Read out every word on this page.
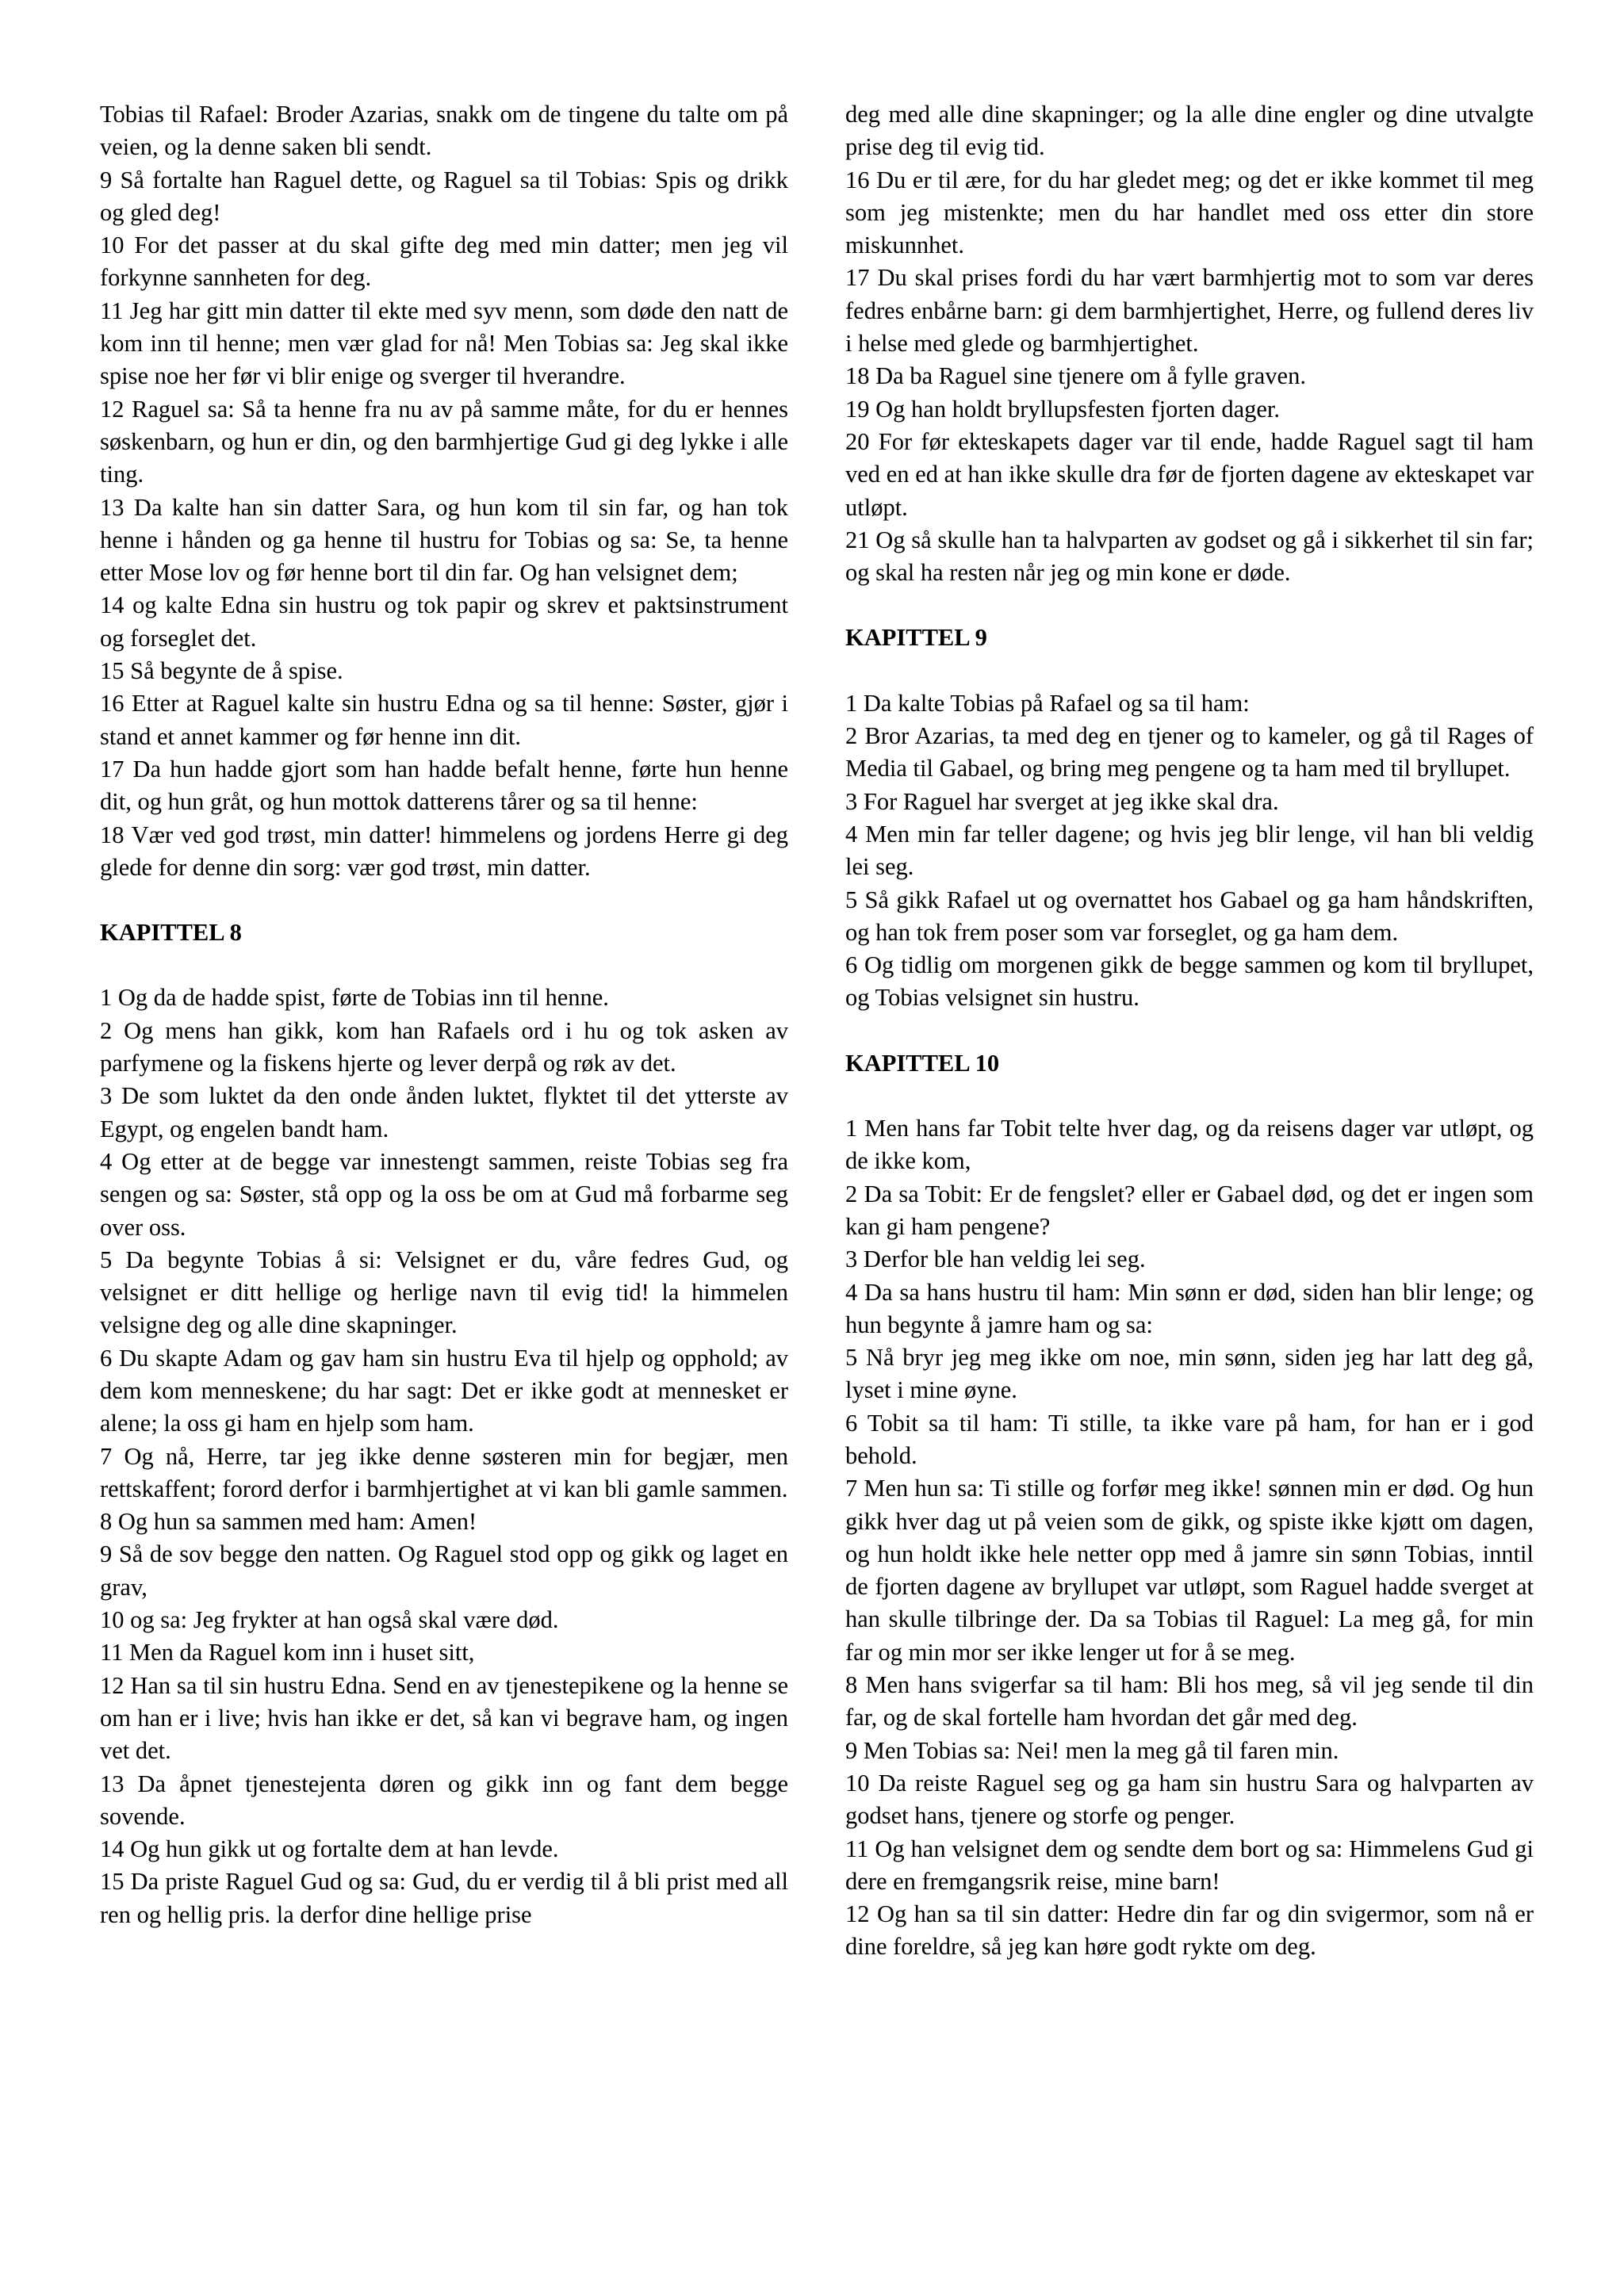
Tobias til Rafael: Broder Azarias, snakk om de tingene du talte om på veien, og la denne saken bli sendt.

9 Så fortalte han Raguel dette, og Raguel sa til Tobias: Spis og drikk og gled deg!

10 For det passer at du skal gifte deg med min datter; men jeg vil forkynne sannheten for deg.

11 Jeg har gitt min datter til ekte med syv menn, som døde den natt de kom inn til henne; men vær glad for nå! Men Tobias sa: Jeg skal ikke spise noe her før vi blir enige og sverger til hverandre.

12 Raguel sa: Så ta henne fra nu av på samme måte, for du er hennes søskenbarn, og hun er din, og den barmhjertige Gud gi deg lykke i alle ting.

13 Da kalte han sin datter Sara, og hun kom til sin far, og han tok henne i hånden og ga henne til hustru for Tobias og sa: Se, ta henne etter Mose lov og før henne bort til din far. Og han velsignet dem;

14 og kalte Edna sin hustru og tok papir og skrev et paktsinstrument og forseglet det.

15 Så begynte de å spise.

16 Etter at Raguel kalte sin hustru Edna og sa til henne: Søster, gjør i stand et annet kammer og før henne inn dit.

17 Da hun hadde gjort som han hadde befalt henne, førte hun henne dit, og hun gråt, og hun mottok datterens tårer og sa til henne:

18 Vær ved god trøst, min datter! himmelens og jordens Herre gi deg glede for denne din sorg: vær god trøst, min datter.

KAPITTEL 8

1 Og da de hadde spist, førte de Tobias inn til henne.

2 Og mens han gikk, kom han Rafaels ord i hu og tok asken av parfymene og la fiskens hjerte og lever derpå og røk av det.

3 De som luktet da den onde ånden luktet, flyktet til det ytterste av Egypt, og engelen bandt ham.

4 Og etter at de begge var innestengt sammen, reiste Tobias seg fra sengen og sa: Søster, stå opp og la oss be om at Gud må forbarme seg over oss.

5 Da begynte Tobias å si: Velsignet er du, våre fedres Gud, og velsignet er ditt hellige og herlige navn til evig tid! la himmelen velsigne deg og alle dine skapninger.

6 Du skapte Adam og gav ham sin hustru Eva til hjelp og opphold; av dem kom menneskene; du har sagt: Det er ikke godt at mennesket er alene; la oss gi ham en hjelp som ham.

7 Og nå, Herre, tar jeg ikke denne søsteren min for begjær, men rettskaffent; forord derfor i barmhjertighet at vi kan bli gamle sammen.

8 Og hun sa sammen med ham: Amen!

9 Så de sov begge den natten. Og Raguel stod opp og gikk og laget en grav,

10 og sa: Jeg frykter at han også skal være død.

11 Men da Raguel kom inn i huset sitt,

12 Han sa til sin hustru Edna. Send en av tjenestepikene og la henne se om han er i live; hvis han ikke er det, så kan vi begrave ham, og ingen vet det.

13 Da åpnet tjenestejenta døren og gikk inn og fant dem begge sovende.

14 Og hun gikk ut og fortalte dem at han levde.

15 Da priste Raguel Gud og sa: Gud, du er verdig til å bli prist med all ren og hellig pris. la derfor dine hellige prise

deg med alle dine skapninger; og la alle dine engler og dine utvalgte prise deg til evig tid.

16 Du er til ære, for du har gledet meg; og det er ikke kommet til meg som jeg mistenkte; men du har handlet med oss etter din store miskunnhet.

17 Du skal prises fordi du har vært barmhjertig mot to som var deres fedres enbårne barn: gi dem barmhjertighet, Herre, og fullend deres liv i helse med glede og barmhjertighet.

18 Da ba Raguel sine tjenere om å fylle graven.

19 Og han holdt bryllupsfesten fjorten dager.

20 For før ekteskapets dager var til ende, hadde Raguel sagt til ham ved en ed at han ikke skulle dra før de fjorten dagene av ekteskapet var utløpt.

21 Og så skulle han ta halvparten av godset og gå i sikkerhet til sin far; og skal ha resten når jeg og min kone er døde.

KAPITTEL 9

1 Da kalte Tobias på Rafael og sa til ham:

2 Bror Azarias, ta med deg en tjener og to kameler, og gå til Rages of Media til Gabael, og bring meg pengene og ta ham med til bryllupet.

3 For Raguel har sverget at jeg ikke skal dra.

4 Men min far teller dagene; og hvis jeg blir lenge, vil han bli veldig lei seg.

5 Så gikk Rafael ut og overnattet hos Gabael og ga ham håndskriften, og han tok frem poser som var forseglet, og ga ham dem.

6 Og tidlig om morgenen gikk de begge sammen og kom til bryllupet, og Tobias velsignet sin hustru.

KAPITTEL 10

1 Men hans far Tobit telte hver dag, og da reisens dager var utløpt, og de ikke kom,

2 Da sa Tobit: Er de fengslet? eller er Gabael død, og det er ingen som kan gi ham pengene?

3 Derfor ble han veldig lei seg.

4 Da sa hans hustru til ham: Min sønn er død, siden han blir lenge; og hun begynte å jamre ham og sa:

5 Nå bryr jeg meg ikke om noe, min sønn, siden jeg har latt deg gå, lyset i mine øyne.

6 Tobit sa til ham: Ti stille, ta ikke vare på ham, for han er i god behold.

7 Men hun sa: Ti stille og forfør meg ikke! sønnen min er død. Og hun gikk hver dag ut på veien som de gikk, og spiste ikke kjøtt om dagen, og hun holdt ikke hele netter opp med å jamre sin sønn Tobias, inntil de fjorten dagene av bryllupet var utløpt, som Raguel hadde sverget at han skulle tilbringe der. Da sa Tobias til Raguel: La meg gå, for min far og min mor ser ikke lenger ut for å se meg.

8 Men hans svigerfar sa til ham: Bli hos meg, så vil jeg sende til din far, og de skal fortelle ham hvordan det går med deg.

9 Men Tobias sa: Nei! men la meg gå til faren min.

10 Da reiste Raguel seg og ga ham sin hustru Sara og halvparten av godset hans, tjenere og storfe og penger.

11 Og han velsignet dem og sendte dem bort og sa: Himmelens Gud gi dere en fremgangsrik reise, mine barn!

12 Og han sa til sin datter: Hedre din far og din svigermor, som nå er dine foreldre, så jeg kan høre godt rykte om deg.
